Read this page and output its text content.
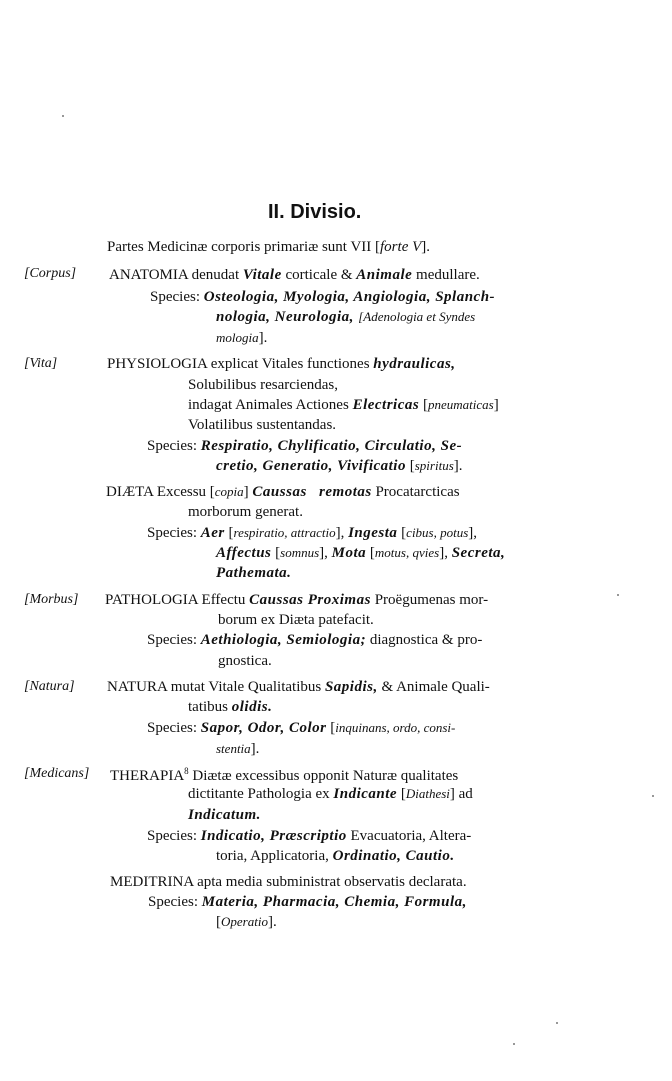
II. Divisio.
Partes Medicinæ corporis primariæ sunt VII [forte V].
[Corpus] ANATOMIA denudat Vitale corticale & Animale medullare.
Species: Osteologia, Myologia, Angiologia, Splanch-
nologia, Neurologia, [Adenologia et Syndes
mologia].
[Vita]	PHYSIOLOGIA explicat Vitales functiones hydraulicas,
Solubilibus resarciendas,
indagat Animales Actiones Electricas [pneumaticas]
Volatilibus sustentandas.
Species: Respiratio, Chylificatio, Circulatio, Se-
cretio, Generatio, Vivificatio [spiritus].
DIÆTA Excessu [copia] Caussas remotas Procatarcticas
morborum generat.
Species: Aer [respiratio, attractio], Ingesta [cibus, potus],
Affectus [somnus], Mota [motus, qvies], Secreta,
Pathemata.
[Morbus] PATHOLOGIA Effectu Caussas Proximas Proëgumenas mor-
borum ex Diæta patefacit.
Species: Aethiologia, Semiologia; diagnostica & pro-
gnostica.
[Natura] NATURA mutat Vitale Qualitatibus Sapidis, & Animale Quali-
tatibus olidis.
Species: Sapor, Odor, Color [inquinans, ordo, consi-
stentia].
[Medicans] THERAPIA$^8$ Diætæ excessibus opponit Naturæ qualitates
dictitante Pathologia ex Indicante [Diathesi] ad
Indicatum.
Species: Indicatio, Præscriptio Evacuatoria, Altera-
toria, Applicatoria, Ordinatio, Cautio.
MEDITRINA apta media subministrat observatis declarata.
Species: Materia, Pharmacia, Chemia, Formula,
[Operatio].
